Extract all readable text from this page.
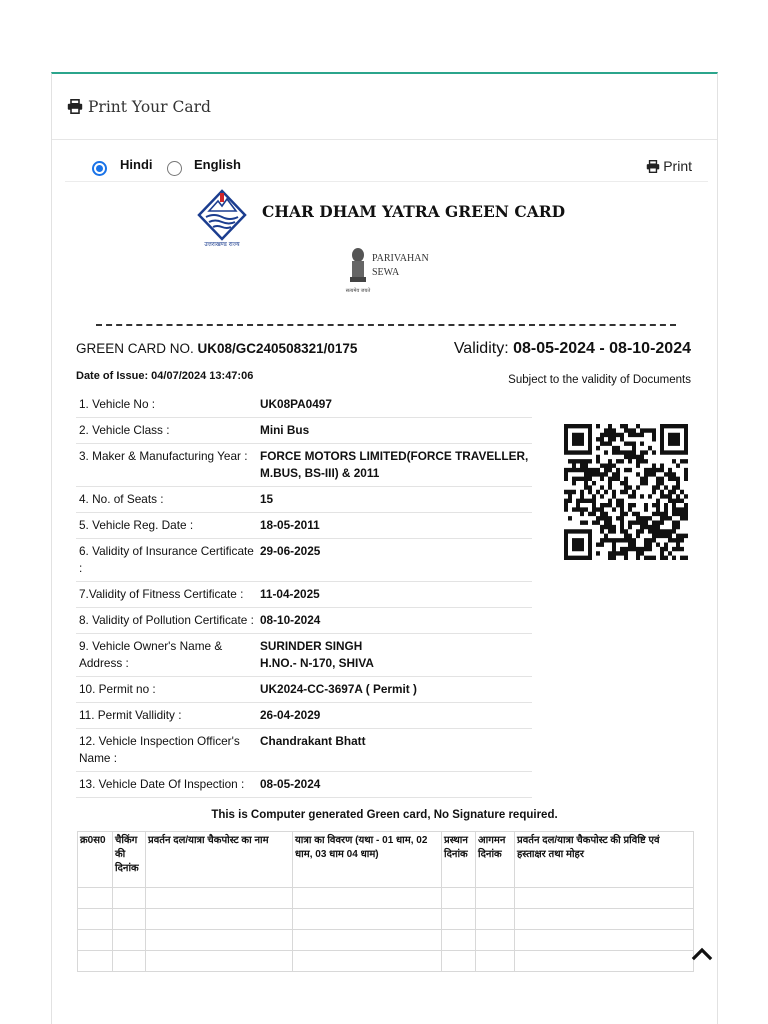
Print Your Card
Hindi	English	Print
उत्तराखण्ड राज्य
CHAR DHAM YATRA GREEN CARD
सत्यमेव जयते
PARIVAHAN
SEWA
GREEN CARD NO. UK08/GC240508321/0175	Validity: 08-05-2024 - 08-10-2024
Date of Issue: 04/07/2024 13:47:06	Subject to the validity of Documents
1. Vehicle No :	UK08PA0497
2. Vehicle Class :	Mini Bus
3. Maker & Manufacturing Year :	FORCE MOTORS LIMITED(FORCE TRAVELLER, M.BUS, BS-III) & 2011
4. No. of Seats :	15
5. Vehicle Reg. Date :	18-05-2011
6. Validity of Insurance Certificate :	29-06-2025
7.Validity of Fitness Certificate :	11-04-2025
8. Validity of Pollution Certificate :	08-10-2024
9. Vehicle Owner's Name & Address :	SURINDER SINGH
H.NO.- N-170, SHIVA

10. Permit no :	UK2024-CC-3697A ( Permit )
11. Permit Vallidity :	26-04-2029
12. Vehicle Inspection Officer's Name :	Chandrakant Bhatt
13. Vehicle Date Of Inspection :	08-05-2024
This is Computer generated Green card, No Signature required.
क्र0स0	चैकिंग की दिनांक	प्रवर्तन दल/यात्रा चैकपोस्ट का नाम	यात्रा का विवरण (यथा - 01 धाम, 02 धाम, 03 धाम 04 धाम)	प्रस्थान दिनांक	आगमन दिनांक	प्रवर्तन दल/यात्रा चैकपोस्ट की प्रविष्टि एवं हस्ताक्षर तथा मोहर
